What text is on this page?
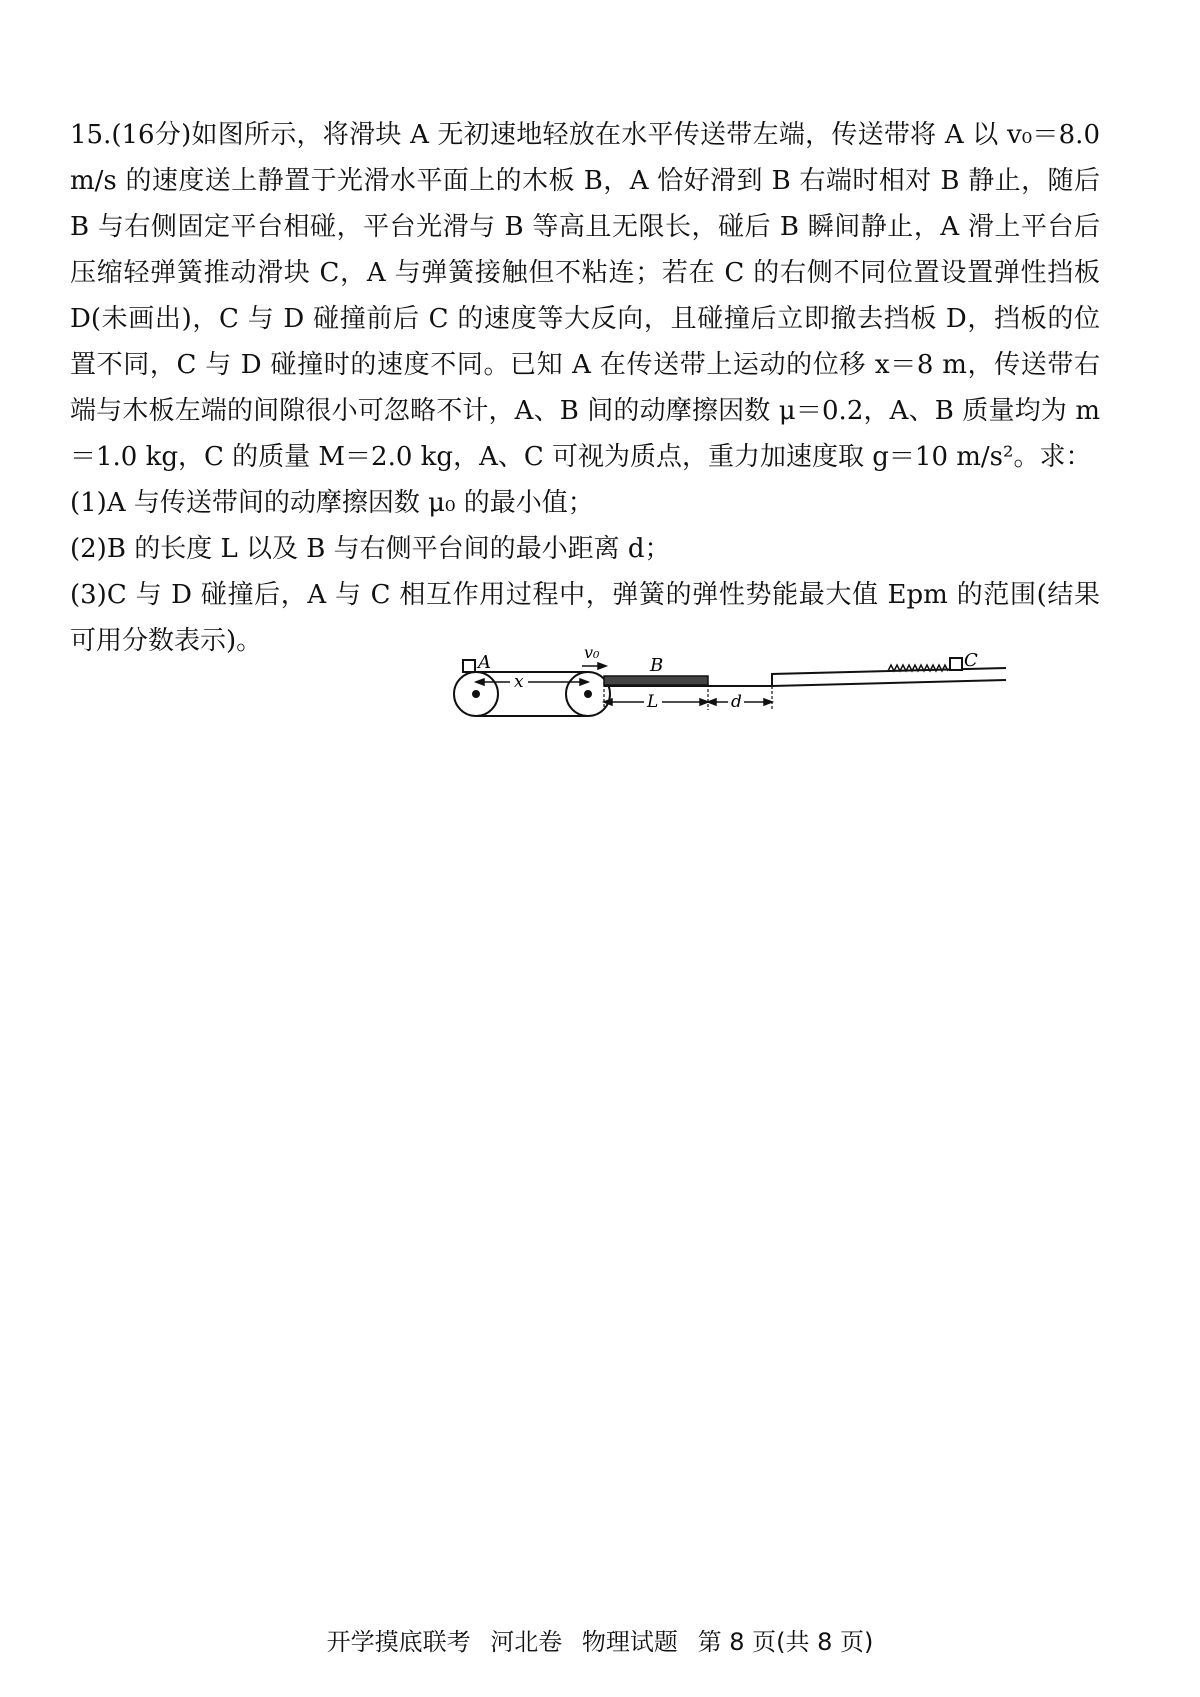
15.(16分)如图所示，将滑块 A 无初速地轻放在水平传送带左端，传送带将 A 以 v₀＝8.0 m/s 的速度送上静置于光滑水平面上的木板 B，A 恰好滑到 B 右端时相对 B 静止，随后 B 与右侧固定平台相碰，平台光滑与 B 等高且无限长，碰后 B 瞬间静止，A 滑上平台后压缩轻弹簧推动滑块 C，A 与弹簧接触但不粘连；若在 C 的右侧不同位置设置弹性挡板 D(未画出)，C 与 D 碰撞前后 C 的速度等大反向，且碰撞后立即撤去挡板 D，挡板的位置不同，C 与 D 碰撞时的速度不同。已知 A 在传送带上运动的位移 x＝8 m，传送带右端与木板左端的间隙很小可忽略不计，A、B 间的动摩擦因数 μ＝0.2，A、B 质量均为 m＝1.0 kg，C 的质量 M＝2.0 kg，A、C 可视为质点，重力加速度取 g＝10 m/s²。求：

(1)A 与传送带间的动摩擦因数 μ₀ 的最小值；

(2)B 的长度 L 以及 B 与右侧平台间的最小距离 d；

(3)C 与 D 碰撞后，A 与 C 相互作用过程中，弹簧的弹性势能最大值 Epm 的范围(结果可用分数表示)。

A
x
v₀
B	C
L	d
开学摸底联考 河北卷 物理试题 第 8 页(共 8 页)
